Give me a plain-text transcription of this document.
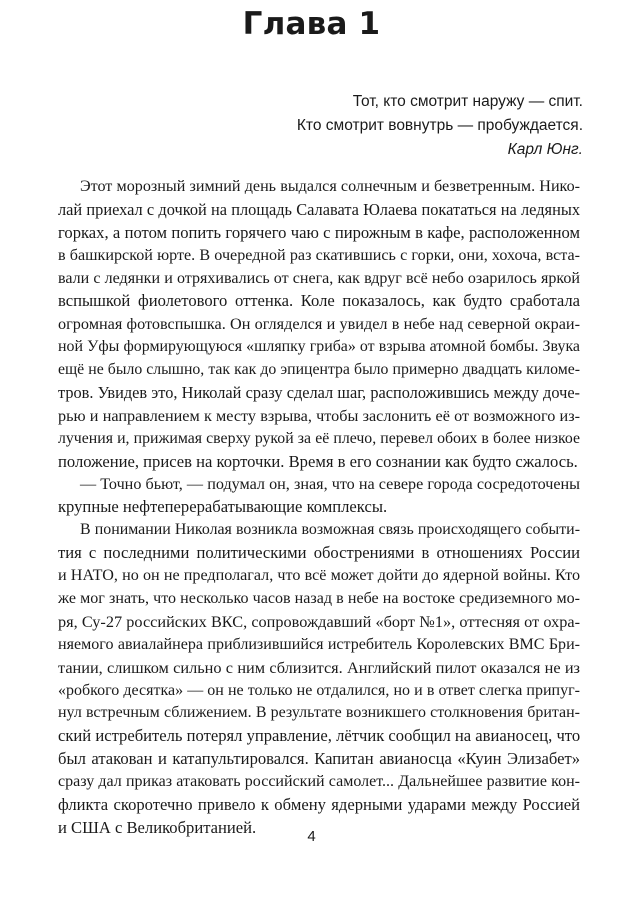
Глава 1
Тот, кто смотрит наружу — спит.
Кто смотрит вовнутрь — пробуждается.
Карл Юнг.
Этот морозный зимний день выдался солнечным и безветренным. Нико-
лай приехал с дочкой на площадь Салавата Юлаева покататься на ледяных
горках, а потом попить горячего чаю с пирожным в кафе, расположенном
в башкирской юрте. В очередной раз скатившись с горки, они, хохоча, вста-
вали с ледянки и отряхивались от снега, как вдруг всё небо озарилось яркой
вспышкой фиолетового оттенка. Коле показалось, как будто сработала
огромная фотовспышка. Он огляделся и увидел в небе над северной окраи-
ной Уфы формирующуюся «шляпку гриба» от взрыва атомной бомбы. Звука
ещё не было слышно, так как до эпицентра было примерно двадцать киломе-
тров. Увидев это, Николай сразу сделал шаг, расположившись между доче-
рью и направлением к месту взрыва, чтобы заслонить её от возможного из-
лучения и, прижимая сверху рукой за её плечо, перевел обоих в более низкое
положение, присев на корточки. Время в его сознании как будто сжалось.
— Точно бьют, — подумал он, зная, что на севере города сосредоточены
крупные нефтеперерабатывающие комплексы.
В понимании Николая возникла возможная связь происходящего событи-
тия с последними политическими обострениями в отношениях России
и НАТО, но он не предполагал, что всё может дойти до ядерной войны. Кто
же мог знать, что несколько часов назад в небе на востоке средиземного мо-
ря, Су-27 российских ВКС, сопровождавший «борт №1», оттесняя от охра-
няемого авиалайнера приблизившийся истребитель Королевских ВМС Бри-
тании, слишком сильно с ним сблизится. Английский пилот оказался не из
«робкого десятка» — он не только не отдалился, но и в ответ слегка припуг-
нул встречным сближением. В результате возникшего столкновения британ-
ский истребитель потерял управление, лётчик сообщил на авианосец, что
был атакован и катапультировался. Капитан авианосца «Куин Элизабет»
сразу дал приказ атаковать российский самолет... Дальнейшее развитие кон-
фликта скоротечно привело к обмену ядерными ударами между Россией
и США с Великобританией.	4
